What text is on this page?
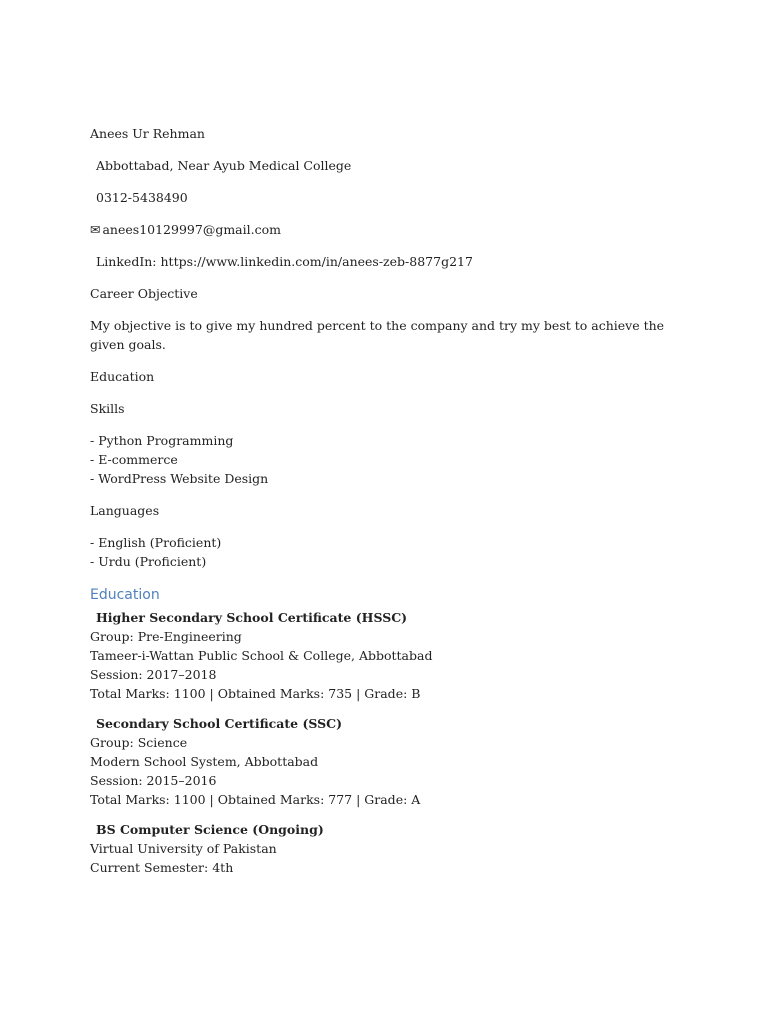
Anees Ur Rehman

Abbottabad, Near Ayub Medical College

0312-5438490

✉ anees10129997@gmail.com

LinkedIn: https://www.linkedin.com/in/anees-zeb-8877g217

Career Objective

My objective is to give my hundred percent to the company and try my best to achieve the given goals.

Education

Skills

- Python Programming
- E-commerce
- WordPress Website Design

Languages

- English (Proficient)
- Urdu (Proficient)
Education
Higher Secondary School Certificate (HSSC)
Group: Pre-Engineering
Tameer-i-Wattan Public School & College, Abbottabad
Session: 2017–2018
Total Marks: 1100 | Obtained Marks: 735 | Grade: B
Secondary School Certificate (SSC)
Group: Science
Modern School System, Abbottabad
Session: 2015–2016
Total Marks: 1100 | Obtained Marks: 777 | Grade: A
BS Computer Science (Ongoing)
Virtual University of Pakistan
Current Semester: 4th
